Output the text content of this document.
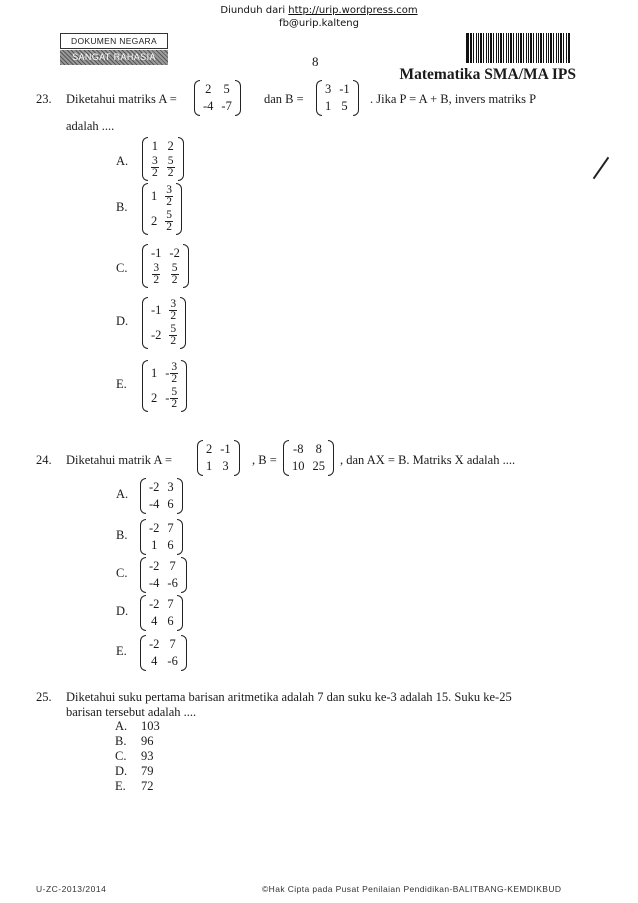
Diunduh dari http://urip.wordpress.com
fb@urip.kalteng
DOKUMEN NEGARA
SANGAT RAHASIA	8
Matematika SMA/MA IPS
23. Diketahui matriks A =
2 5
-4 -7	dan B =
3 -1
1 5 . Jika P = A + B, invers matriks P
adalah ....
A.
1 2
$\frac{3}{2} \frac{5}{2}$
B.
$1 \frac{3}{2}$
$2 \frac{5}{2}$
C.
-1 -2
$\frac{3}{2} \frac{5}{2}$
D.
$-1 \frac{3}{2}$
$-2 \frac{5}{2}$
E.
$1 - \frac{3}{2}$
$2 - \frac{5}{2}$
24. Diketahui matrik A =
2 -1
1 3 , B =
-8 8
10 25 , dan AX = B. Matriks X adalah ....
A. -2 3
-4 6
B. -2 7
1 6
C. -2 7
-4 -6
D. -2 7
4 6
E. -2 7
4 -6
25. Diketahui suku pertama barisan aritmetika adalah 7 dan suku ke-3 adalah 15. Suku ke-25
barisan tersebut adalah ....
A. 103
B. 96
C. 93
D. 79
E. 72
U-ZC-2013/2014	©Hak Cipta pada Pusat Penilaian Pendidikan-BALITBANG-KEMDIKBUD
